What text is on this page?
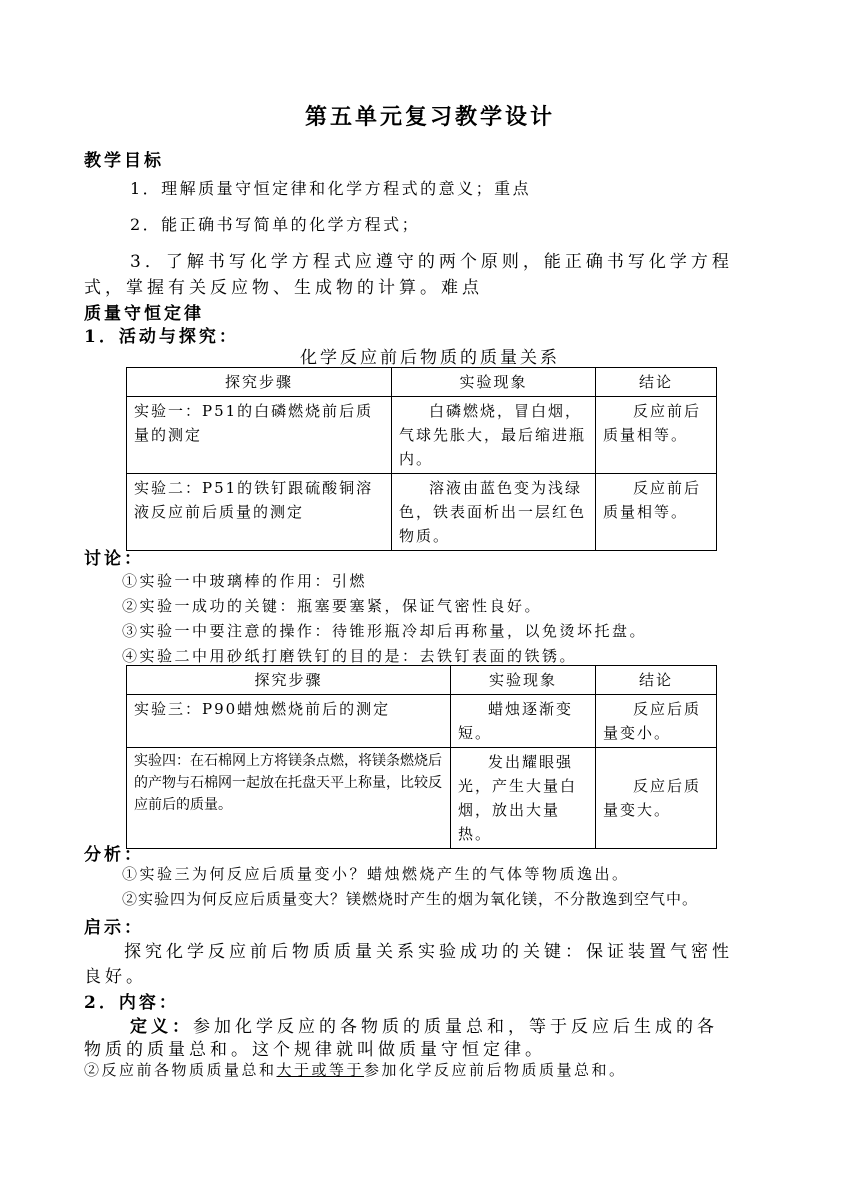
第五单元复习教学设计
教学目标
1．理解质量守恒定律和化学方程式的意义；重点
2．能正确书写简单的化学方程式；
3．了解书写化学方程式应遵守的两个原则，能正确书写化学方程
式，掌握有关反应物、生成物的计算。难点
质量守恒定律
1．活动与探究：
化学反应前后物质的质量关系
探究步骤	实验现象	结论
实验一：P51的白磷燃烧前后质量的测定	白磷燃烧，冒白烟，气球先胀大，最后缩进瓶内。	反应前后质量相等。
实验二：P51的铁钉跟硫酸铜溶液反应前后质量的测定	溶液由蓝色变为浅绿色，铁表面析出一层红色物质。	反应前后质量相等。
讨论：
①实验一中玻璃棒的作用：引燃
②实验一成功的关键：瓶塞要塞紧，保证气密性良好。
③实验一中要注意的操作：待锥形瓶冷却后再称量，以免烫坏托盘。
④实验二中用砂纸打磨铁钉的目的是：去铁钉表面的铁锈。
探究步骤	实验现象	结论
实验三：P90蜡烛燃烧前后的测定	蜡烛逐渐变短。	反应后质量变小。
实验四：在石棉网上方将镁条点燃，将镁条燃烧后的产物与石棉网一起放在托盘天平上称量，比较反应前后的质量。	发出耀眼强光，产生大量白烟，放出大量热。	反应后质量变大。
分析：
①实验三为何反应后质量变小？蜡烛燃烧产生的气体等物质逸出。
②实验四为何反应后质量变大？镁燃烧时产生的烟为氧化镁，不分散逸到空气中。
启示：
探究化学反应前后物质质量关系实验成功的关键：保证装置气密性
良好。
2．内容：
定义：参加化学反应的各物质的质量总和，等于反应后生成的各
物质的质量总和。这个规律就叫做质量守恒定律。
②反应前各物质质量总和大于或等于参加化学反应前后物质质量总和。
